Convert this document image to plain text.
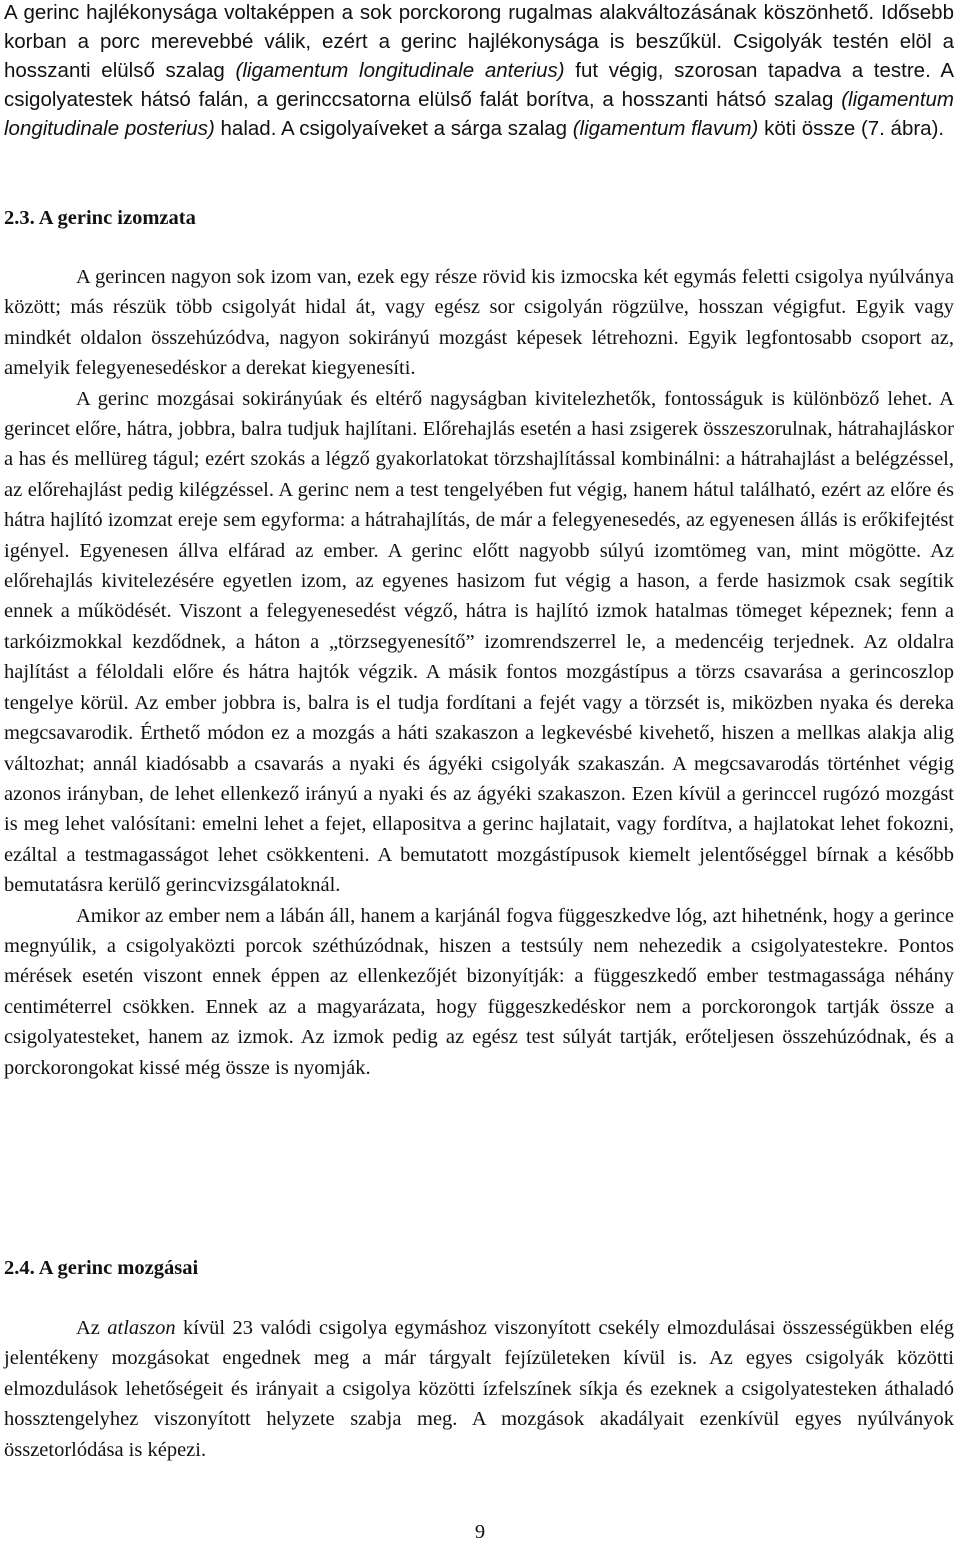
A gerinc hajlékonysága voltaképpen a sok porckorong rugalmas alakváltozásának köszönhető. Idősebb korban a porc merevebbé válik, ezért a gerinc hajlékonysága is beszűkül. Csigolyák testén elöl a hosszanti elülső szalag (ligamentum longitudinale anterius) fut végig, szorosan tapadva a testre. A csigolyatestek hátsó falán, a gerinccsatorna elülső falát borítva, a hosszanti hátsó szalag (ligamentum longitudinale posterius) halad. A csigolyaíveket a sárga szalag (ligamentum flavum) köti össze (7. ábra).

2.3. A gerinc izomzata

A gerincen nagyon sok izom van, ezek egy része rövid kis izmocska két egymás feletti csigolya nyúlványa között; más részük több csigolyát hidal át, vagy egész sor csigolyán rögzülve, hosszan végigfut. Egyik vagy mindkét oldalon összehúzódva, nagyon sokirányú mozgást képesek létrehozni. Egyik legfontosabb csoport az, amelyik felegyenesedéskor a derekat kiegyenesíti.

A gerinc mozgásai sokirányúak és eltérő nagyságban kivitelezhetők, fontosságuk is különböző lehet. A gerincet előre, hátra, jobbra, balra tudjuk hajlítani. Előrehajlás esetén a hasi zsigerek összeszorulnak, hátrahajláskor a has és mellüreg tágul; ezért szokás a légző gyakorlatokat törzshajlítással kombinálni: a hátrahajlást a belégzéssel, az előrehajlást pedig kilégzéssel. A gerinc nem a test tengelyében fut végig, hanem hátul található, ezért az előre és hátra hajlító izomzat ereje sem egyforma: a hátrahajlítás, de már a felegyenesedés, az egyenesen állás is erőkifejtést igényel. Egyenesen állva elfárad az ember. A gerinc előtt nagyobb súlyú izomtömeg van, mint mögötte. Az előrehajlás kivitelezésére egyetlen izom, az egyenes hasizom fut végig a hason, a ferde hasizmok csak segítik ennek a működését. Viszont a felegyenesedést végző, hátra is hajlító izmok hatalmas tömeget képeznek; fenn a tarkóizmokkal kezdődnek, a háton a „törzsegyenesítő” izomrendszerrel le, a medencéig terjednek. Az oldalra hajlítást a féloldali előre és hátra hajtók végzik. A másik fontos mozgástípus a törzs csavarása a gerincoszlop tengelye körül. Az ember jobbra is, balra is el tudja fordítani a fejét vagy a törzsét is, miközben nyaka és dereka megcsavarodik. Érthető módon ez a mozgás a háti szakaszon a legkevésbé kivehető, hiszen a mellkas alakja alig változhat; annál kiadósabb a csavarás a nyaki és ágyéki csigolyák szakaszán. A megcsavarodás történhet végig azonos irányban, de lehet ellenkező irányú a nyaki és az ágyéki szakaszon. Ezen kívül a gerinccel rugózó mozgást is meg lehet valósítani: emelni lehet a fejet, ellapositva a gerinc hajlatait, vagy fordítva, a hajlatokat lehet fokozni, ezáltal a testmagasságot lehet csökkenteni. A bemutatott mozgástípusok kiemelt jelentőséggel bírnak a később bemutatásra kerülő gerincvizsgálatoknál.

Amikor az ember nem a lábán áll, hanem a karjánál fogva függeszkedve lóg, azt hihetnénk, hogy a gerince megnyúlik, a csigolyaközti porcok széthúzódnak, hiszen a testsúly nem nehezedik a csigolyatestekre. Pontos mérések esetén viszont ennek éppen az ellenkezőjét bizonyítják: a függeszkedő ember testmagassága néhány centiméterrel csökken. Ennek az a magyarázata, hogy függeszkedéskor nem a porckorongok tartják össze a csigolyatesteket, hanem az izmok. Az izmok pedig az egész test súlyát tartják, erőteljesen összehúzódnak, és a porckorongokat kissé még össze is nyomják.

2.4. A gerinc mozgásai

Az atlaszon kívül 23 valódi csigolya egymáshoz viszonyított csekély elmozdulásai összességükben elég jelentékeny mozgásokat engednek meg a már tárgyalt fejízületeken kívül is. Az egyes csigolyák közötti elmozdulások lehetőségeit és irányait a csigolya közötti ízfelszínek síkja és ezeknek a csigolyatesteken áthaladó hossztengelyhez viszonyított helyzete szabja meg. A mozgások akadályait ezenkívül egyes nyúlványok összetorlódása is képezi.

9
